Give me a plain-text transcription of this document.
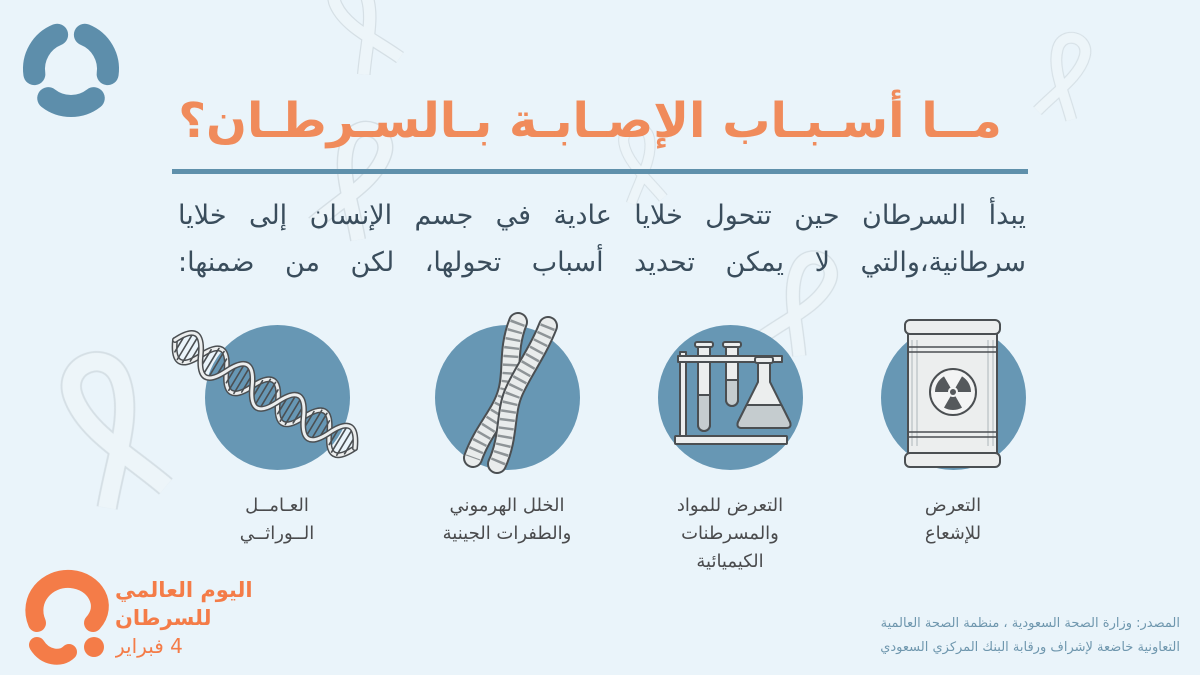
مــا أسـبـاب الإصـابـة بـالسـرطـان؟
يبدأ السرطان حين تتحول خلايا عادية في جسم الإنسان إلى خلايا
سرطانية،والتي لا يمكن تحديد أسباب تحولها، لكن من ضمنها:
التعرض
للإشعاع
التعرض للمواد
والمسرطنات
الكيميائية
الخلل الهرموني
والطفرات الجينية
العـامــل
الــوراثــي
اليوم العالمي
للسرطان
4 فبراير
المصدر: وزارة الصحة السعودية ، منظمة الصحة العالمية
التعاونية خاضعة لإشراف ورقابة البنك المركزي السعودي
